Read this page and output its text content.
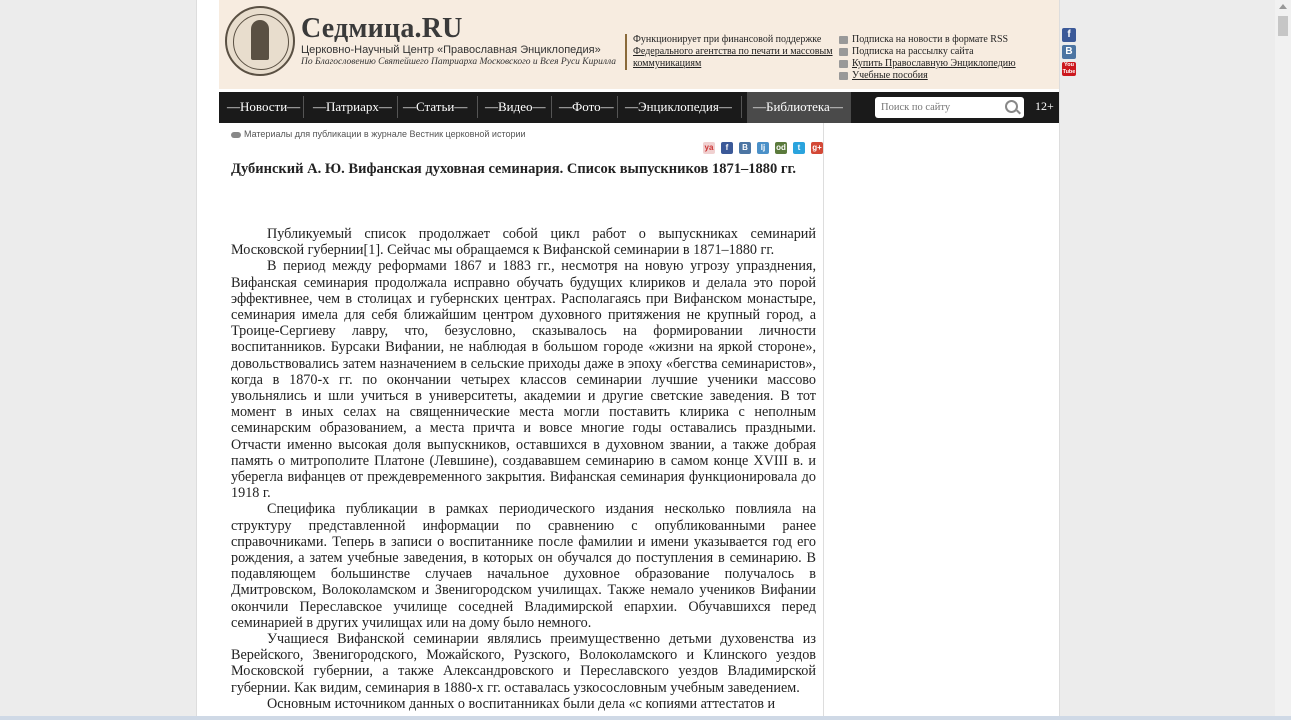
Седмица.RU
Церковно-Научный Центр «Православная Энциклопедия»
По Благословению Святейшего Патриарха Московского и Всея Руси Кирилла
Функционирует при финансовой поддержке
Федерального агентства по печати и массовым коммуникациям
Подписка на новости в формате RSS
Подписка на рассылку сайта
Купить Православную Энциклопедию
Учебные пособия
f
В
You Tube
—Новости— —Патриарх— —Статьи— —Видео— —Фото— —Энциклопедия—	—Библиотека—
Поиск по сайту	12+
Материалы для публикации в журнале Вестник церковной истории
ya f В lj od t g+
Дубинский А. Ю. Вифанская духовная семинария. Список выпускников 1871–1880 гг.

Публикуемый список продолжает собой цикл работ о выпускниках семинарий Московской губернии[1]. Сейчас мы обращаемся к Вифанской семинарии в 1871–1880 гг.

В период между реформами 1867 и 1883 гг., несмотря на новую угрозу упразднения, Вифанская семинария продолжала исправно обучать будущих клириков и делала это порой эффективнее, чем в столицах и губернских центрах. Располагаясь при Вифанском монастыре, семинария имела для себя ближайшим центром духовного притяжения не крупный город, а Троице-Сергиеву лавру, что, безусловно, сказывалось на формировании личности воспитанников. Бурсаки Вифании, не наблюдая в большом городе «жизни на яркой стороне», довольствовались затем назначением в сельские приходы даже в эпоху «бегства семинаристов», когда в 1870-х гг. по окончании четырех классов семинарии лучшие ученики массово увольнялись и шли учиться в университеты, академии и другие светские заведения. В тот момент в иных селах на священнические места могли поставить клирика с неполным семинарским образованием, а места причта и вовсе многие годы оставались праздными. Отчасти именно высокая доля выпускников, оставшихся в духовном звании, а также добрая память о митрополите Платоне (Левшине), создававшем семинарию в самом конце XVIII в. и уберегла вифанцев от преждевременного закрытия. Вифанская семинария функционировала до 1918 г.

Специфика публикации в рамках периодического издания несколько повлияла на структуру представленной информации по сравнению с опубликованными ранее справочниками. Теперь в записи о воспитаннике после фамилии и имени указывается год его рождения, а затем учебные заведения, в которых он обучался до поступления в семинарию. В подавляющем большинстве случаев начальное духовное образование получалось в Дмитровском, Волоколамском и Звенигородском училищах. Также немало учеников Вифании окончили Переславское училище соседней Владимирской епархии. Обучавшихся перед семинарией в других училищах или на дому было немного.

Учащиеся Вифанской семинарии являлись преимущественно детьми духовенства из Верейского, Звенигородского, Можайского, Рузского, Волоколамского и Клинского уездов Московской губернии, а также Александровского и Переславского уездов Владимирской губернии. Как видим, семинария в 1880-х гг. оставалась узкосословным учебным заведением.

Основным источником данных о воспитанниках были дела «с копиями аттестатов и
